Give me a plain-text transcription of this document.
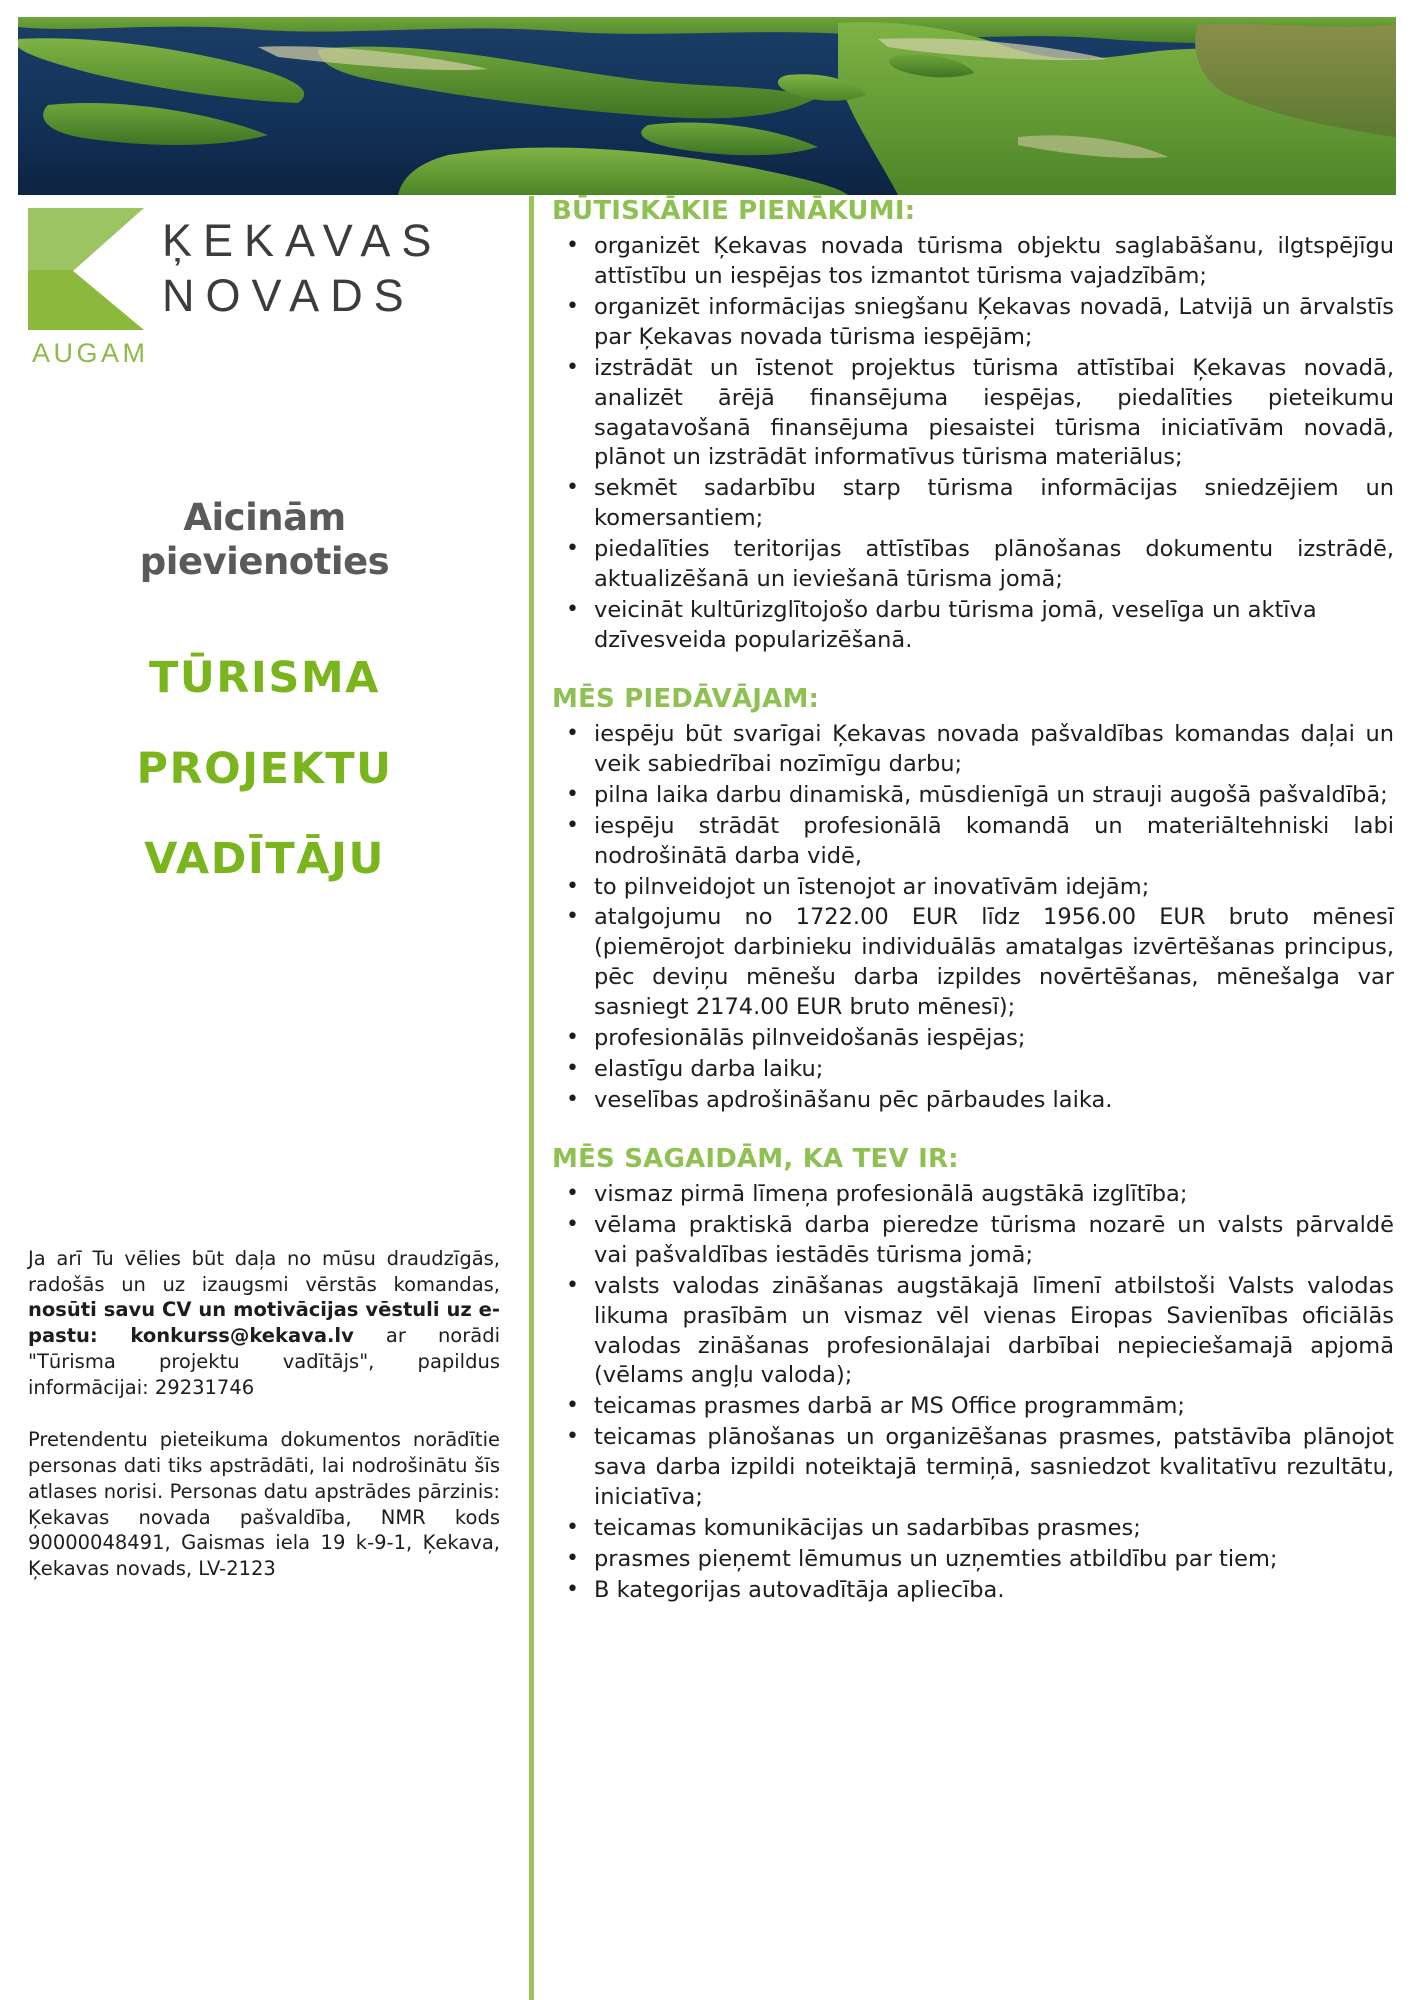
ĶEKAVAS
NOVADS
AUGAM
Aicinām
pievienoties
TŪRISMA
PROJEKTU
VADĪTĀJU

Ja arī Tu vēlies būt daļa no mūsu draudzīgās, radošās un uz izaugsmi vērstās komandas, nosūti savu CV un motivācijas vēstuli uz e-pastu: konkurss@kekava.lv ar norādi "Tūrisma projektu vadītājs", papildus informācijai: 29231746

Pretendentu pieteikuma dokumentos norādītie personas dati tiks apstrādāti, lai nodrošinātu šīs atlases norisi. Personas datu apstrādes pārzinis: Ķekavas novada pašvaldība, NMR kods 90000048491, Gaismas iela 19 k-9-1, Ķekava, Ķekavas novads, LV-2123

BŪTISKĀKIE PIENĀKUMI:
• organizēt Ķekavas novada tūrisma objektu saglabāšanu, ilgtspējīgu attīstību un iespējas tos izmantot tūrisma vajadzībām;
• organizēt informācijas sniegšanu Ķekavas novadā, Latvijā un ārvalstīs par Ķekavas novada tūrisma iespējām;
• izstrādāt un īstenot projektus tūrisma attīstībai Ķekavas novadā, analizēt ārējā finansējuma iespējas, piedalīties pieteikumu sagatavošanā finansējuma piesaistei tūrisma iniciatīvām novadā, plānot un izstrādāt informatīvus tūrisma materiālus;
• sekmēt sadarbību starp tūrisma informācijas sniedzējiem un komersantiem;
• piedalīties teritorijas attīstības plānošanas dokumentu izstrādē, aktualizēšanā un ieviešanā tūrisma jomā;
• veicināt kultūrizglītojošo darbu tūrisma jomā, veselīga un aktīva dzīvesveida popularizēšanā.
MĒS PIEDĀVĀJAM:
• iespēju būt svarīgai Ķekavas novada pašvaldības komandas daļai un veik sabiedrībai nozīmīgu darbu;
• pilna laika darbu dinamiskā, mūsdienīgā un strauji augošā pašvaldībā;
• iespēju strādāt profesionālā komandā un materiāltehniski labi nodrošinātā darba vidē,
• to pilnveidojot un īstenojot ar inovatīvām idejām;
• atalgojumu no 1722.00 EUR līdz 1956.00 EUR bruto mēnesī (piemērojot darbinieku individuālās amatalgas izvērtēšanas principus, pēc deviņu mēnešu darba izpildes novērtēšanas, mēnešalga var sasniegt 2174.00 EUR bruto mēnesī);
• profesionālās pilnveidošanās iespējas;
• elastīgu darba laiku;
• veselības apdrošināšanu pēc pārbaudes laika.
MĒS SAGAIDĀM, KA TEV IR:
• vismaz pirmā līmeņa profesionālā augstākā izglītība;
• vēlama praktiskā darba pieredze tūrisma nozarē un valsts pārvaldē vai pašvaldības iestādēs tūrisma jomā;
• valsts valodas zināšanas augstākajā līmenī atbilstoši Valsts valodas likuma prasībām un vismaz vēl vienas Eiropas Savienības oficiālās valodas zināšanas profesionālajai darbībai nepieciešamajā apjomā (vēlams angļu valoda);
• teicamas prasmes darbā ar MS Office programmām;
• teicamas plānošanas un organizēšanas prasmes, patstāvība plānojot sava darba izpildi noteiktajā termiņā, sasniedzot kvalitatīvu rezultātu, iniciatīva;
• teicamas komunikācijas un sadarbības prasmes;
• prasmes pieņemt lēmumus un uzņemties atbildību par tiem;
• B kategorijas autovadītāja apliecība.
